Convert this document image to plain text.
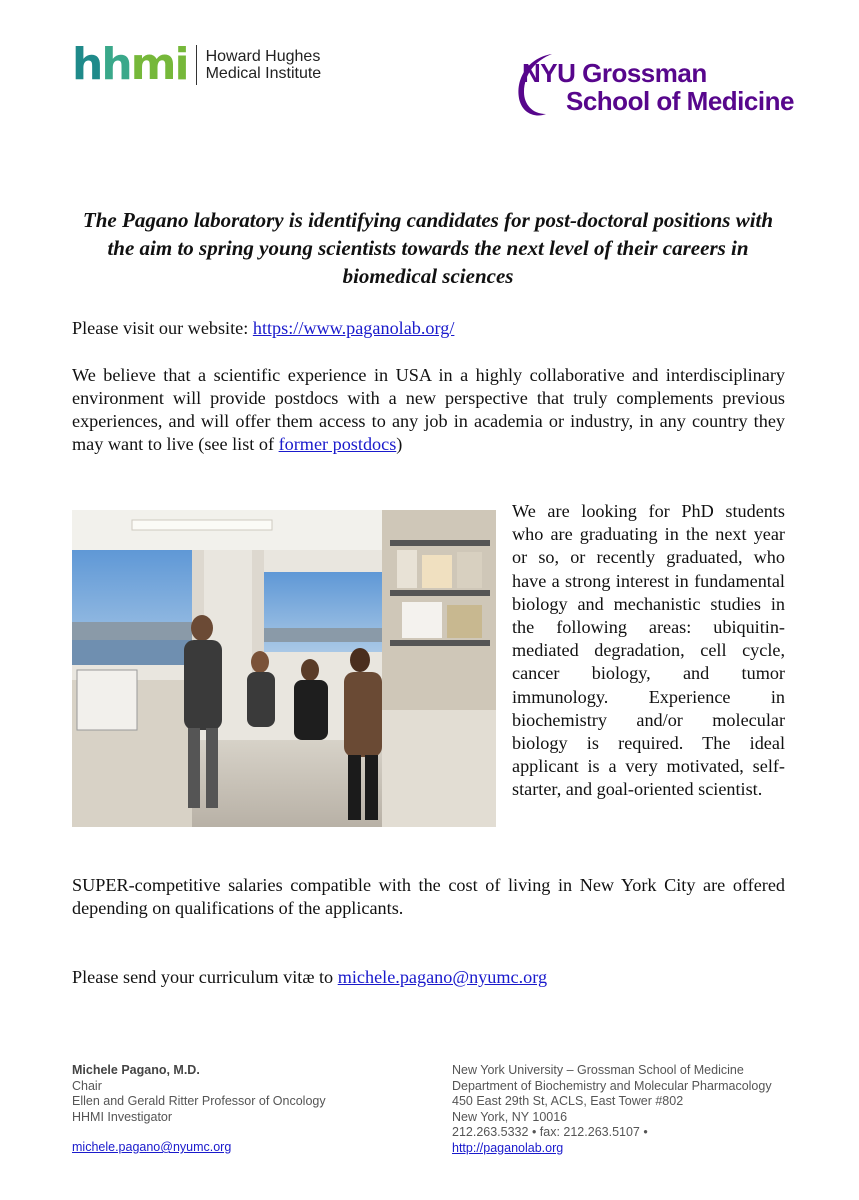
hhmi Howard Hughes
Medical Institute	NYU Grossman
School of Medicine
The Pagano laboratory is identifying candidates for post-doctoral positions with the aim to spring young scientists towards the next level of their careers in biomedical sciences

Please visit our website: https://www.paganolab.org/

We believe that a scientific experience in USA in a highly collaborative and interdisciplinary environment will provide postdocs with a new perspective that truly complements previous experiences, and will offer them access to any job in academia or industry, in any country they may want to live (see list of former postdocs)

We are looking for PhD students who are graduating in the next year or so, or recently graduated, who have a strong interest in fundamental biology and mechanistic studies in the following areas: ubiquitin-mediated degradation, cell cycle, cancer biology, and tumor immunology. Experience in biochemistry and/or molecular biology is required. The ideal applicant is a very motivated, self-starter, and goal-oriented scientist.

SUPER-competitive salaries compatible with the cost of living in New York City are offered depending on qualifications of the applicants.

Please send your curriculum vitæ to michele.pagano@nyumc.org

Michele Pagano, M.D.
Chair
Ellen and Gerald Ritter Professor of Oncology
HHMI Investigator
michele.pagano@nyumc.org
New York University – Grossman School of Medicine
Department of Biochemistry and Molecular Pharmacology
450 East 29th St, ACLS, East Tower #802
New York, NY 10016
212.263.5332 • fax: 212.263.5107 •
http://paganolab.org
